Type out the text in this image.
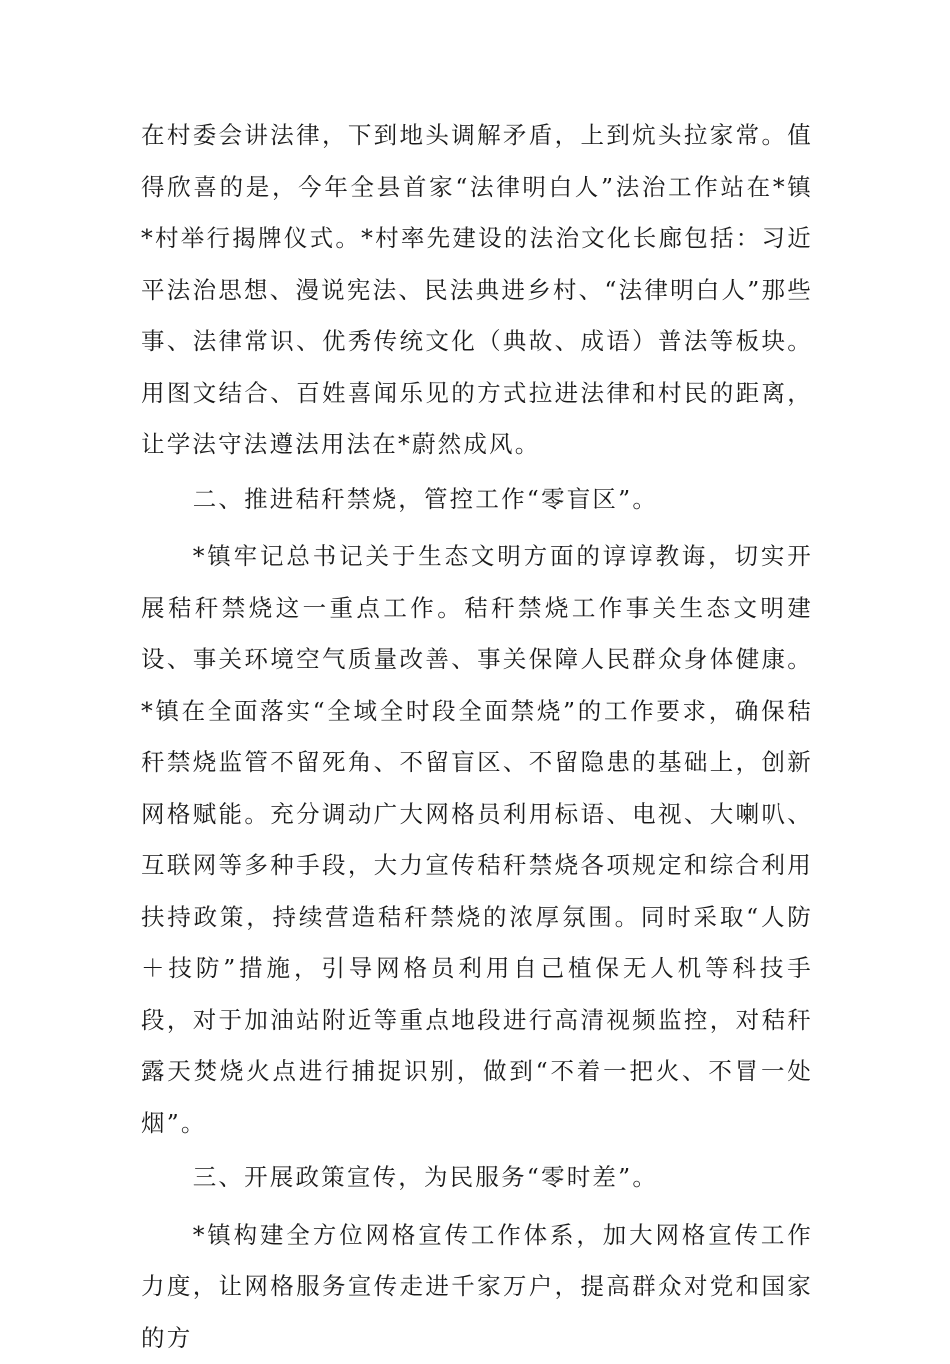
在村委会讲法律，下到地头调解矛盾，上到炕头拉家常。值得欣喜的是，今年全县首家“法律明白人”法治工作站在*镇*村举行揭牌仪式。*村率先建设的法治文化长廊包括：习近平法治思想、漫说宪法、民法典进乡村、“法律明白人”那些事、法律常识、优秀传统文化（典故、成语）普法等板块。用图文结合、百姓喜闻乐见的方式拉进法律和村民的距离，让学法守法遵法用法在*蔚然成风。

二、推进秸秆禁烧，管控工作“零盲区”。

*镇牢记总书记关于生态文明方面的谆谆教诲，切实开展秸秆禁烧这一重点工作。秸秆禁烧工作事关生态文明建设、事关环境空气质量改善、事关保障人民群众身体健康。*镇在全面落实“全域全时段全面禁烧”的工作要求，确保秸秆禁烧监管不留死角、不留盲区、不留隐患的基础上，创新网格赋能。充分调动广大网格员利用标语、电视、大喇叭、互联网等多种手段，大力宣传秸秆禁烧各项规定和综合利用扶持政策，持续营造秸秆禁烧的浓厚氛围。同时采取“人防＋技防”措施，引导网格员利用自己植保无人机等科技手段，对于加油站附近等重点地段进行高清视频监控，对秸秆露天焚烧火点进行捕捉识别，做到“不着一把火、不冒一处烟”。

三、开展政策宣传，为民服务“零时差”。

*镇构建全方位网格宣传工作体系，加大网格宣传工作力度，让网格服务宣传走进千家万户，提高群众对党和国家的方
